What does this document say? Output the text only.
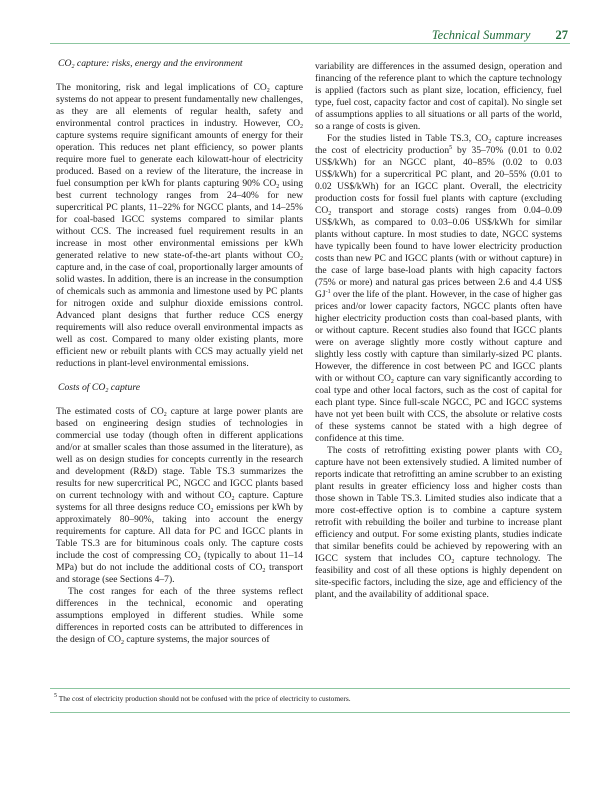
Technical Summary 27
$CO_2$ capture: risks, energy and the environment

The monitoring, risk and legal implications of $CO_2$ capture systems do not appear to present fundamentally new challenges, as they are all elements of regular health, safety and environmental control practices in industry. However, $CO_2$ capture systems require significant amounts of energy for their operation. This reduces net plant efficiency, so power plants require more fuel to generate each kilowatt-hour of electricity produced. Based on a review of the literature, the increase in fuel consumption per kWh for plants capturing 90% $CO_2$ using best current technology ranges from 24–40% for new supercritical PC plants, 11–22% for NGCC plants, and 14–25% for coal-based IGCC systems compared to similar plants without CCS. The increased fuel requirement results in an increase in most other environmental emissions per kWh generated relative to new state-of-the-art plants without $CO_2$ capture and, in the case of coal, proportionally larger amounts of solid wastes. In addition, there is an increase in the consumption of chemicals such as ammonia and limestone used by PC plants for nitrogen oxide and sulphur dioxide emissions control. Advanced plant designs that further reduce CCS energy requirements will also reduce overall environmental impacts as well as cost. Compared to many older existing plants, more efficient new or rebuilt plants with CCS may actually yield net reductions in plant-level environmental emissions.

Costs of $CO_2$ capture

The estimated costs of $CO_2$ capture at large power plants are based on engineering design studies of technologies in commercial use today (though often in different applications and/or at smaller scales than those assumed in the literature), as well as on design studies for concepts currently in the research and development (R&D) stage. Table TS.3 summarizes the results for new supercritical PC, NGCC and IGCC plants based on current technology with and without $CO_2$ capture. Capture systems for all three designs reduce $CO_2$ emissions per kWh by approximately 80–90%, taking into account the energy requirements for capture. All data for PC and IGCC plants in Table TS.3 are for bituminous coals only. The capture costs include the cost of compressing $CO_2$ (typically to about 11–14 MPa) but do not include the additional costs of $CO_2$ transport and storage (see Sections 4–7).

The cost ranges for each of the three systems reflect differences in the technical, economic and operating assumptions employed in different studies. While some differences in reported costs can be attributed to differences in the design of $CO_2$ capture systems, the major sources of

variability are differences in the assumed design, operation and financing of the reference plant to which the capture technology is applied (factors such as plant size, location, efficiency, fuel type, fuel cost, capacity factor and cost of capital). No single set of assumptions applies to all situations or all parts of the world, so a range of costs is given.

For the studies listed in Table TS.3, $CO_2$ capture increases the cost of electricity production$^5$ by 35–70% (0.01 to 0.02 US$/kWh) for an NGCC plant, 40–85% (0.02 to 0.03 US$/kWh) for a supercritical PC plant, and 20–55% (0.01 to 0.02 US$/kWh) for an IGCC plant. Overall, the electricity production costs for fossil fuel plants with capture (excluding $CO_2$ transport and storage costs) ranges from 0.04–0.09 US$/kWh, as compared to 0.03–0.06 US$/kWh for similar plants without capture. In most studies to date, NGCC systems have typically been found to have lower electricity production costs than new PC and IGCC plants (with or without capture) in the case of large base-load plants with high capacity factors (75% or more) and natural gas prices between 2.6 and 4.4 US$ $GJ^{-1}$ over the life of the plant. However, in the case of higher gas prices and/or lower capacity factors, NGCC plants often have higher electricity production costs than coal-based plants, with or without capture. Recent studies also found that IGCC plants were on average slightly more costly without capture and slightly less costly with capture than similarly-sized PC plants. However, the difference in cost between PC and IGCC plants with or without $CO_2$ capture can vary significantly according to coal type and other local factors, such as the cost of capital for each plant type. Since full-scale NGCC, PC and IGCC systems have not yet been built with CCS, the absolute or relative costs of these systems cannot be stated with a high degree of confidence at this time.

The costs of retrofitting existing power plants with $CO_2$ capture have not been extensively studied. A limited number of reports indicate that retrofitting an amine scrubber to an existing plant results in greater efficiency loss and higher costs than those shown in Table TS.3. Limited studies also indicate that a more cost-effective option is to combine a capture system retrofit with rebuilding the boiler and turbine to increase plant efficiency and output. For some existing plants, studies indicate that similar benefits could be achieved by repowering with an IGCC system that includes $CO_2$ capture technology. The feasibility and cost of all these options is highly dependent on site-specific factors, including the size, age and efficiency of the plant, and the availability of additional space.

$^5$ The cost of electricity production should not be confused with the price of electricity to customers.
